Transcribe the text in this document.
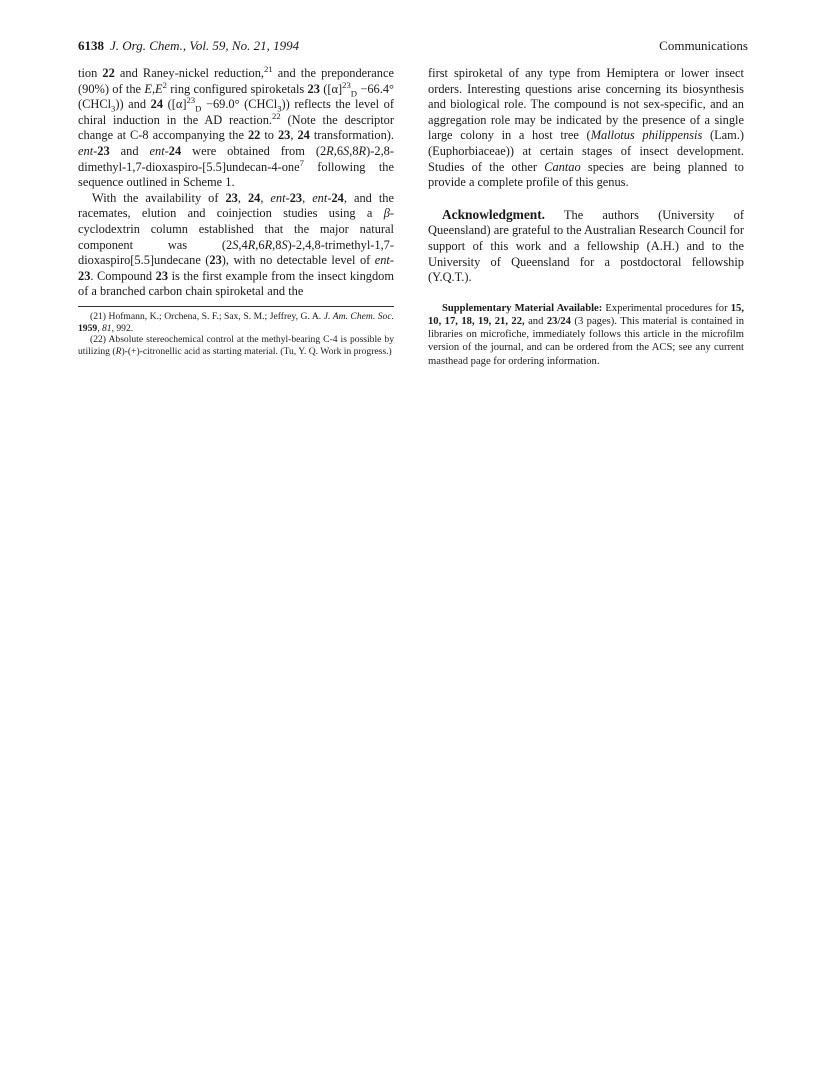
6138 J. Org. Chem., Vol. 59, No. 21, 1994	Communications

tion 22 and Raney-nickel reduction,$^{21}$ and the preponderance (90%) of the $E,E^2$ ring configured spiroketals 23 ($[\alpha]^{23}_D -66.4^\circ$ (CHCl$_3$)) and 24 ($[\alpha]^{23}_D -69.0^\circ$ (CHCl$_3$)) reflects the level of chiral induction in the AD reaction.$^{22}$ (Note the descriptor change at C-8 accompanying the 22 to 23, 24 transformation). ent-23 and ent-24 were obtained from (2R,6S,8R)-2,8-dimethyl-1,7-dioxaspiro-[5.5]undecan-4-one$^7$ following the sequence outlined in Scheme 1.

With the availability of 23, 24, ent-23, ent-24, and the racemates, elution and coinjection studies using a β-cyclodextrin column established that the major natural component was (2S,4R,6R,8S)-2,4,8-trimethyl-1,7-dioxaspiro[5.5]undecane (23), with no detectable level of ent-23. Compound 23 is the first example from the insect kingdom of a branched carbon chain spiroketal and the

(21) Hofmann, K.; Orchena, S. F.; Sax, S. M.; Jeffrey, G. A. J. Am. Chem. Soc. 1959, 81, 992.

(22) Absolute stereochemical control at the methyl-bearing C-4 is possible by utilizing (R)-(+)-citronellic acid as starting material. (Tu, Y. Q. Work in progress.)

first spiroketal of any type from Hemiptera or lower insect orders. Interesting questions arise concerning its biosynthesis and biological role. The compound is not sex-specific, and an aggregation role may be indicated by the presence of a single large colony in a host tree (Mallotus philippensis (Lam.) (Euphorbiaceae)) at certain stages of insect development. Studies of the other Cantao species are being planned to provide a complete profile of this genus.

Acknowledgment. The authors (University of Queensland) are grateful to the Australian Research Council for support of this work and a fellowship (A.H.) and to the University of Queensland for a postdoctoral fellowship (Y.Q.T.).

Supplementary Material Available: Experimental procedures for 15, 10, 17, 18, 19, 21, 22, and 23/24 (3 pages). This material is contained in libraries on microfiche, immediately follows this article in the microfilm version of the journal, and can be ordered from the ACS; see any current masthead page for ordering information.
